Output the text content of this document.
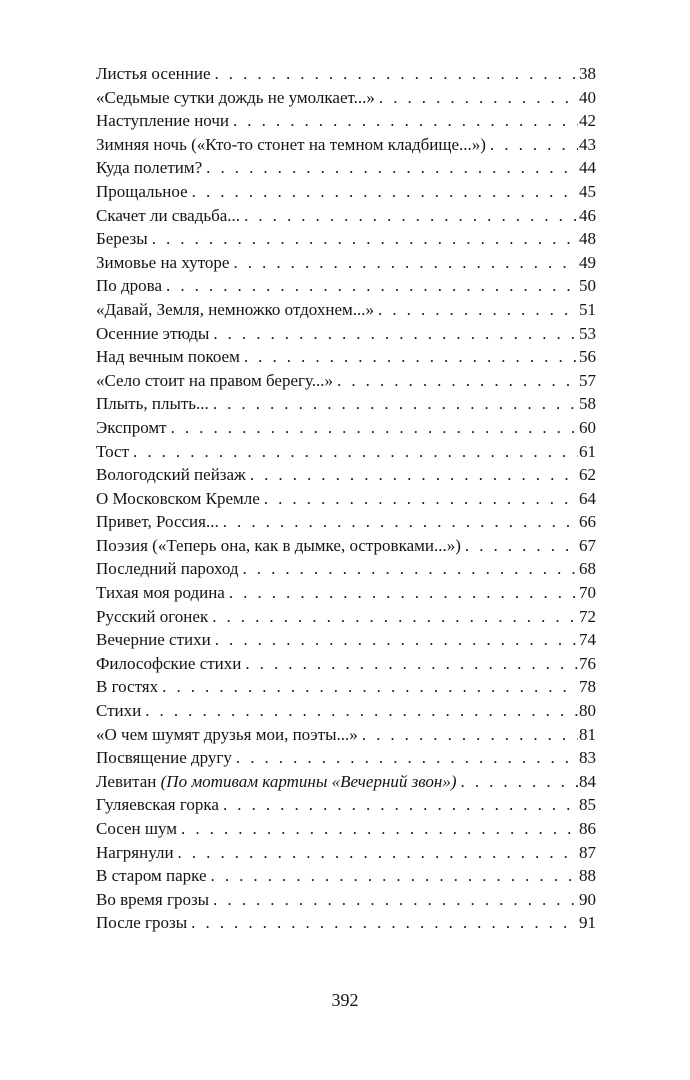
Листья осенние . . .	38
«Седьмые сутки дождь не умолкает...» . . .	40
Наступление ночи . . .	42
Зимняя ночь («Кто-то стонет на темном кладбище...») . . .	43
Куда полетим? . . .	44
Прощальное . . .	45
Скачет ли свадьба... . . .	46
Березы . . .	48
Зимовье на хуторе . . .	49
По дрова . . .	50
«Давай, Земля, немножко отдохнем...» . . .	51
Осенние этюды . . .	53
Над вечным покоем . . .	56
«Село стоит на правом берегу...» . . .	57
Плыть, плыть... . . .	58
Экспромт . . .	60
Тост . . .	61
Вологодский пейзаж . . .	62
О Московском Кремле . . .	64
Привет, Россия... . . .	66
Поэзия («Теперь она, как в дымке, островками...») . . .	67
Последний пароход . . .	68
Тихая моя родина . . .	70
Русский огонек . . .	72
Вечерние стихи . . .	74
Философские стихи . . .	76
В гостях . . .	78
Стихи . . .	80
«О чем шумят друзья мои, поэты...» . . .	81
Посвящение другу . . .	83
Левитан (По мотивам картины «Вечерний звон») . . .	84
Гуляевская горка . . .	85
Сосен шум . . .	86
Нагрянули . . .	87
В старом парке . . .	88
Во время грозы . . .	90
После грозы . . .	91
392
